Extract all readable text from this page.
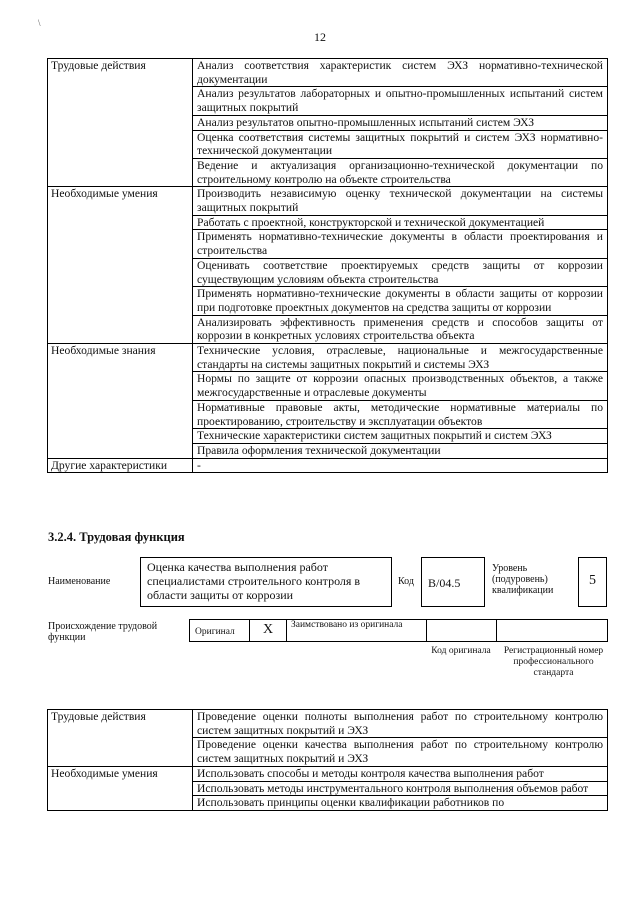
\
12
Трудовые действия	Анализ соответствия характеристик систем ЭХЗ нормативно-технической документации
	Анализ результатов лабораторных и опытно-промышленных испытаний систем защитных покрытий
	Анализ результатов опытно-промышленных испытаний систем ЭХЗ
	Оценка соответствия системы защитных покрытий и систем ЭХЗ нормативно-технической документации
	Ведение и актуализация организационно-технической документации по строительному контролю на объекте строительства
Необходимые умения	Производить независимую оценку технической документации на системы защитных покрытий
	Работать с проектной, конструкторской и технической документацией
	Применять нормативно-технические документы в области проектирования и строительства
	Оценивать соответствие проектируемых средств защиты от коррозии существующим условиям объекта строительства
	Применять нормативно-технические документы в области защиты от коррозии при подготовке проектных документов на средства защиты от коррозии
	Анализировать эффективность применения средств и способов защиты от коррозии в конкретных условиях строительства объекта
Необходимые знания	Технические условия, отраслевые, национальные и межгосударственные стандарты на системы защитных покрытий и системы ЭХЗ
	Нормы по защите от коррозии опасных производственных объектов, а также межгосударственные и отраслевые документы
	Нормативные правовые акты, методические нормативные материалы по проектированию, строительству и эксплуатации объектов
	Технические характеристики систем защитных покрытий и систем ЭХЗ
	Правила оформления технической документации
Другие характеристики	-
3.2.4. Трудовая функция
Наименование
Оценка качества выполнения работ специалистами строительного контроля в области защиты от коррозии
Код	B/04.5
Уровень (подуровень) квалификации
5
Происхождение трудовой функции	Оригинал	X	Заимствовано из оригинала
Код оригинала	Регистрационный номер профессионального стандарта
Трудовые действия	Проведение оценки полноты выполнения работ по строительному контролю систем защитных покрытий и ЭХЗ
	Проведение оценки качества выполнения работ по строительному контролю систем защитных покрытий и ЭХЗ
Необходимые умения	Использовать способы и методы контроля качества выполнения работ
	Использовать методы инструментального контроля выполнения объемов работ
	Использовать принципы оценки квалификации работников по
